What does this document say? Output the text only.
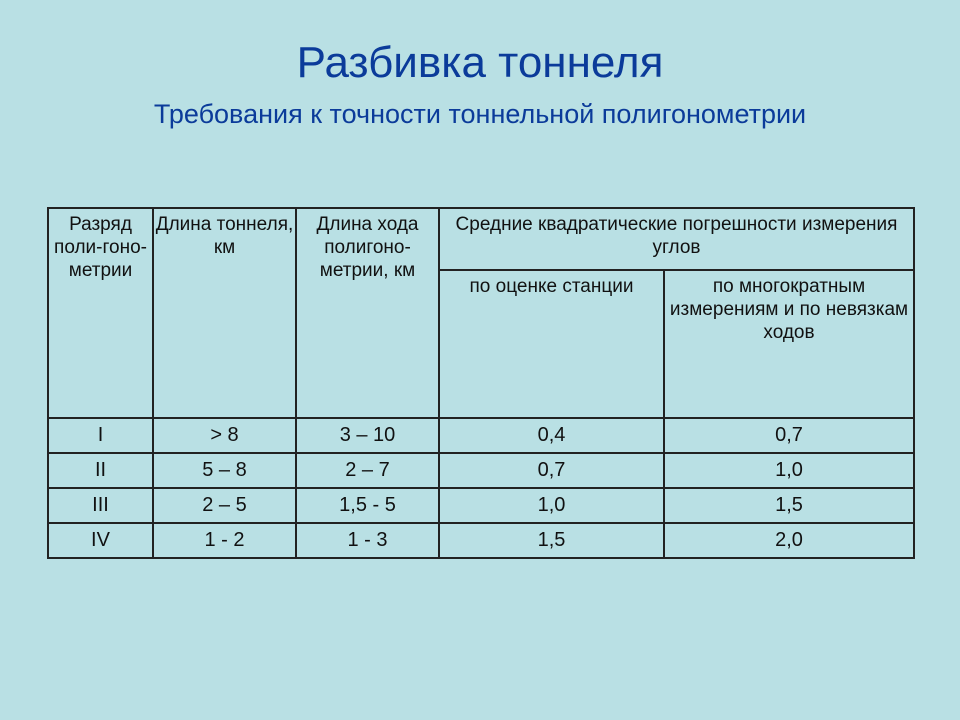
Разбивка тоннеля
Требования к точности тоннельной полигонометрии
Разряд поли-гоно-метрии	Длина тоннеля, км	Длина хода полигоно-метрии, км	Средние квадратические погрешности измерения углов	
			по оценке станции	по многократным измерениям и по невязкам ходов
I	> 8	3 – 10	0,4	0,7
II	5 – 8	2 – 7	0,7	1,0
III	2 – 5	1,5 - 5	1,0	1,5
IV	1 - 2	1 - 3	1,5	2,0
